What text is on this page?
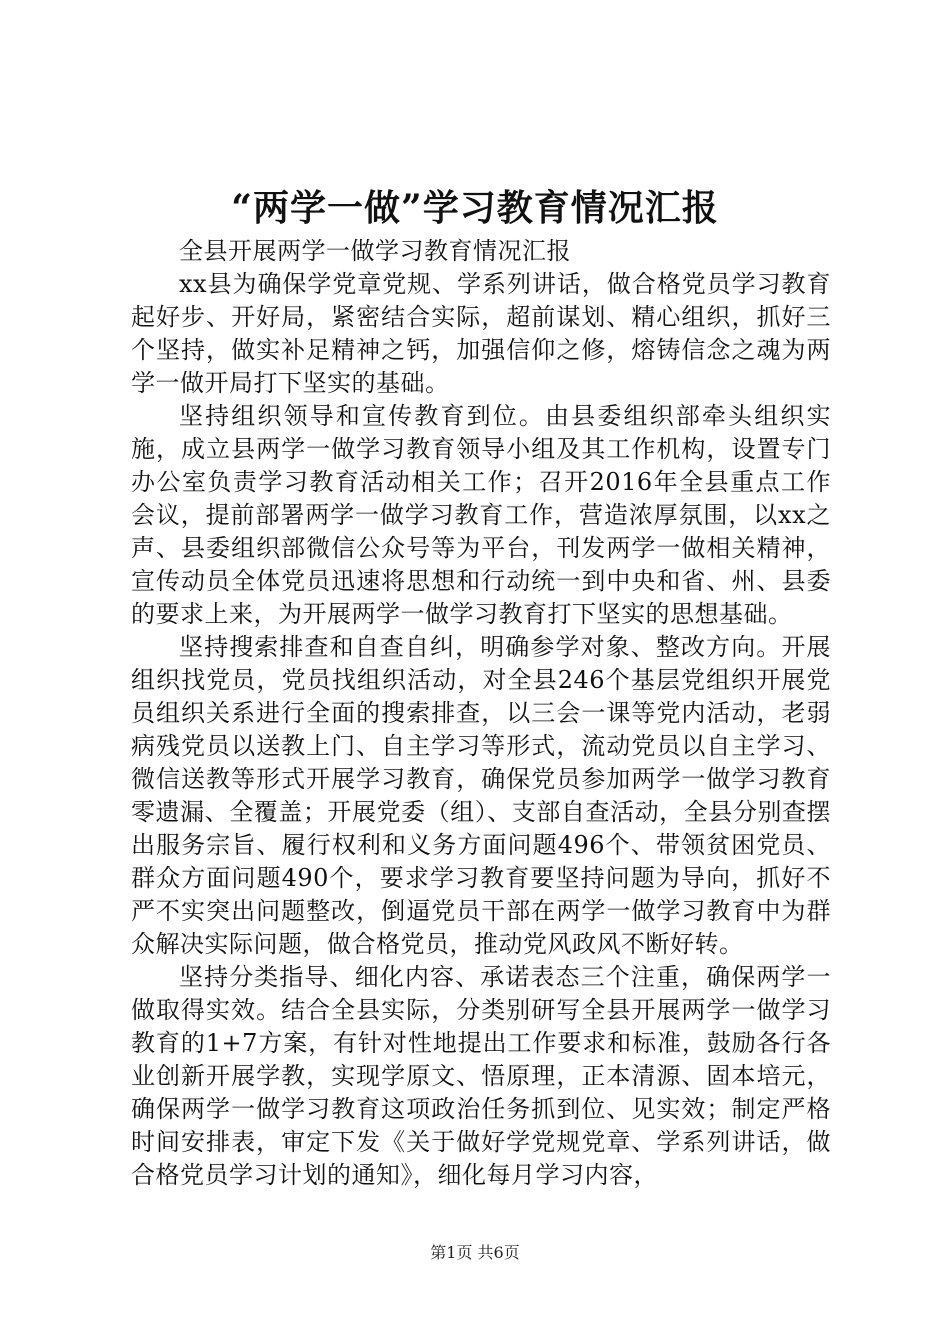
“两学一做”学习教育情况汇报

全县开展两学一做学习教育情况汇报

xx县为确保学党章党规、学系列讲话，做合格党员学习教育起好步、开好局，紧密结合实际，超前谋划、精心组织，抓好三个坚持，做实补足精神之钙，加强信仰之修，熔铸信念之魂为两学一做开局打下坚实的基础。

坚持组织领导和宣传教育到位。由县委组织部牵头组织实施，成立县两学一做学习教育领导小组及其工作机构，设置专门办公室负责学习教育活动相关工作；召开2016年全县重点工作会议，提前部署两学一做学习教育工作，营造浓厚氛围，以xx之声、县委组织部微信公众号等为平台，刊发两学一做相关精神，宣传动员全体党员迅速将思想和行动统一到中央和省、州、县委的要求上来，为开展两学一做学习教育打下坚实的思想基础。

坚持搜索排查和自查自纠，明确参学对象、整改方向。开展组织找党员，党员找组织活动，对全县246个基层党组织开展党员组织关系进行全面的搜索排查，以三会一课等党内活动，老弱病残党员以送教上门、自主学习等形式，流动党员以自主学习、微信送教等形式开展学习教育，确保党员参加两学一做学习教育零遗漏、全覆盖；开展党委（组）、支部自查活动，全县分别查摆出服务宗旨、履行权利和义务方面问题496个、带领贫困党员、群众方面问题490个，要求学习教育要坚持问题为导向，抓好不严不实突出问题整改，倒逼党员干部在两学一做学习教育中为群众解决实际问题，做合格党员，推动党风政风不断好转。

坚持分类指导、细化内容、承诺表态三个注重，确保两学一做取得实效。结合全县实际，分类别研写全县开展两学一做学习教育的1+7方案，有针对性地提出工作要求和标准，鼓励各行各业创新开展学教，实现学原文、悟原理，正本清源、固本培元，确保两学一做学习教育这项政治任务抓到位、见实效；制定严格时间安排表，审定下发《关于做好学党规党章、学系列讲话，做合格党员学习计划的通知》，细化每月学习内容，

第1页 共6页
